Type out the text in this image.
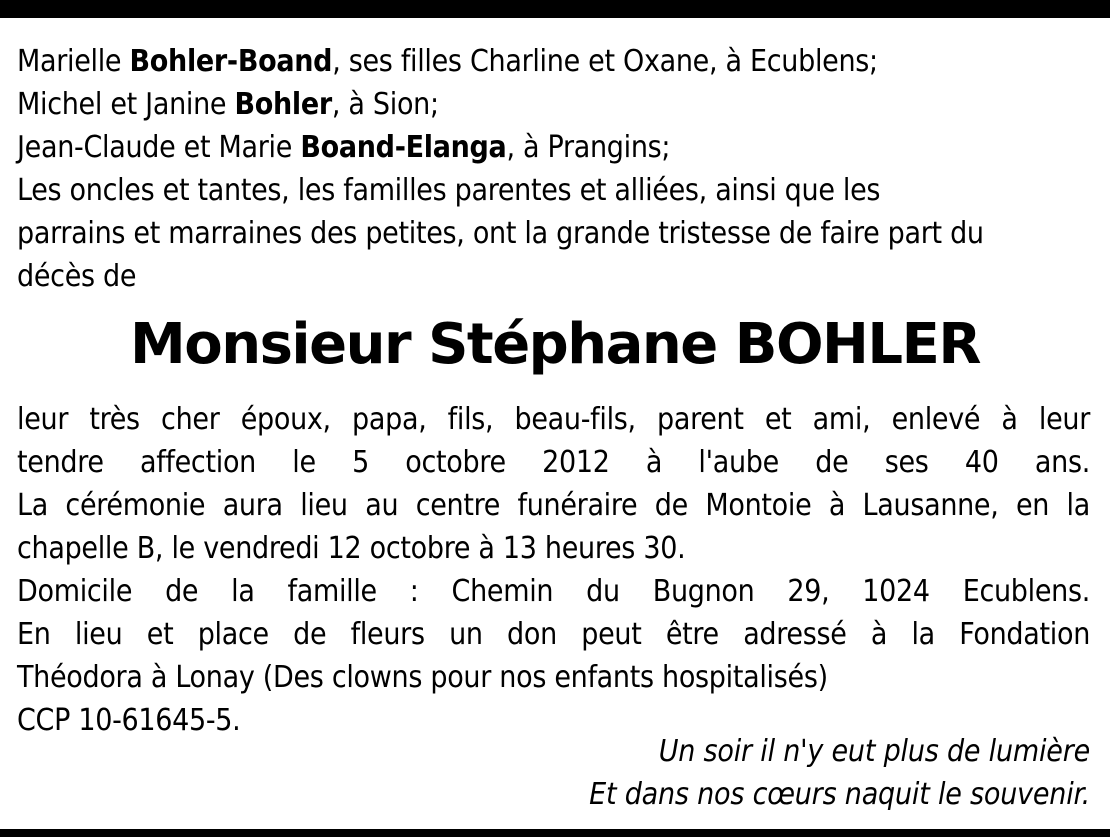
Marielle Bohler-Boand, ses filles Charline et Oxane, à Ecublens;
Michel et Janine Bohler, à Sion;
Jean-Claude et Marie Boand-Elanga, à Prangins;
Les oncles et tantes, les familles parentes et alliées, ainsi que les
parrains et marraines des petites, ont la grande tristesse de faire part du
décès de
Monsieur Stéphane BOHLER
leur très cher époux, papa, fils, beau-fils, parent et ami, enlevé à leur
tendre affection le 5 octobre 2012 à l'aube de ses 40 ans.
La cérémonie aura lieu au centre funéraire de Montoie à Lausanne, en la
chapelle B, le vendredi 12 octobre à 13 heures 30.
Domicile de la famille : Chemin du Bugnon 29, 1024 Ecublens.
En lieu et place de fleurs un don peut être adressé à la Fondation
Théodora à Lonay (Des clowns pour nos enfants hospitalisés)
CCP 10-61645-5.
Un soir il n'y eut plus de lumière
Et dans nos cœurs naquit le souvenir.
